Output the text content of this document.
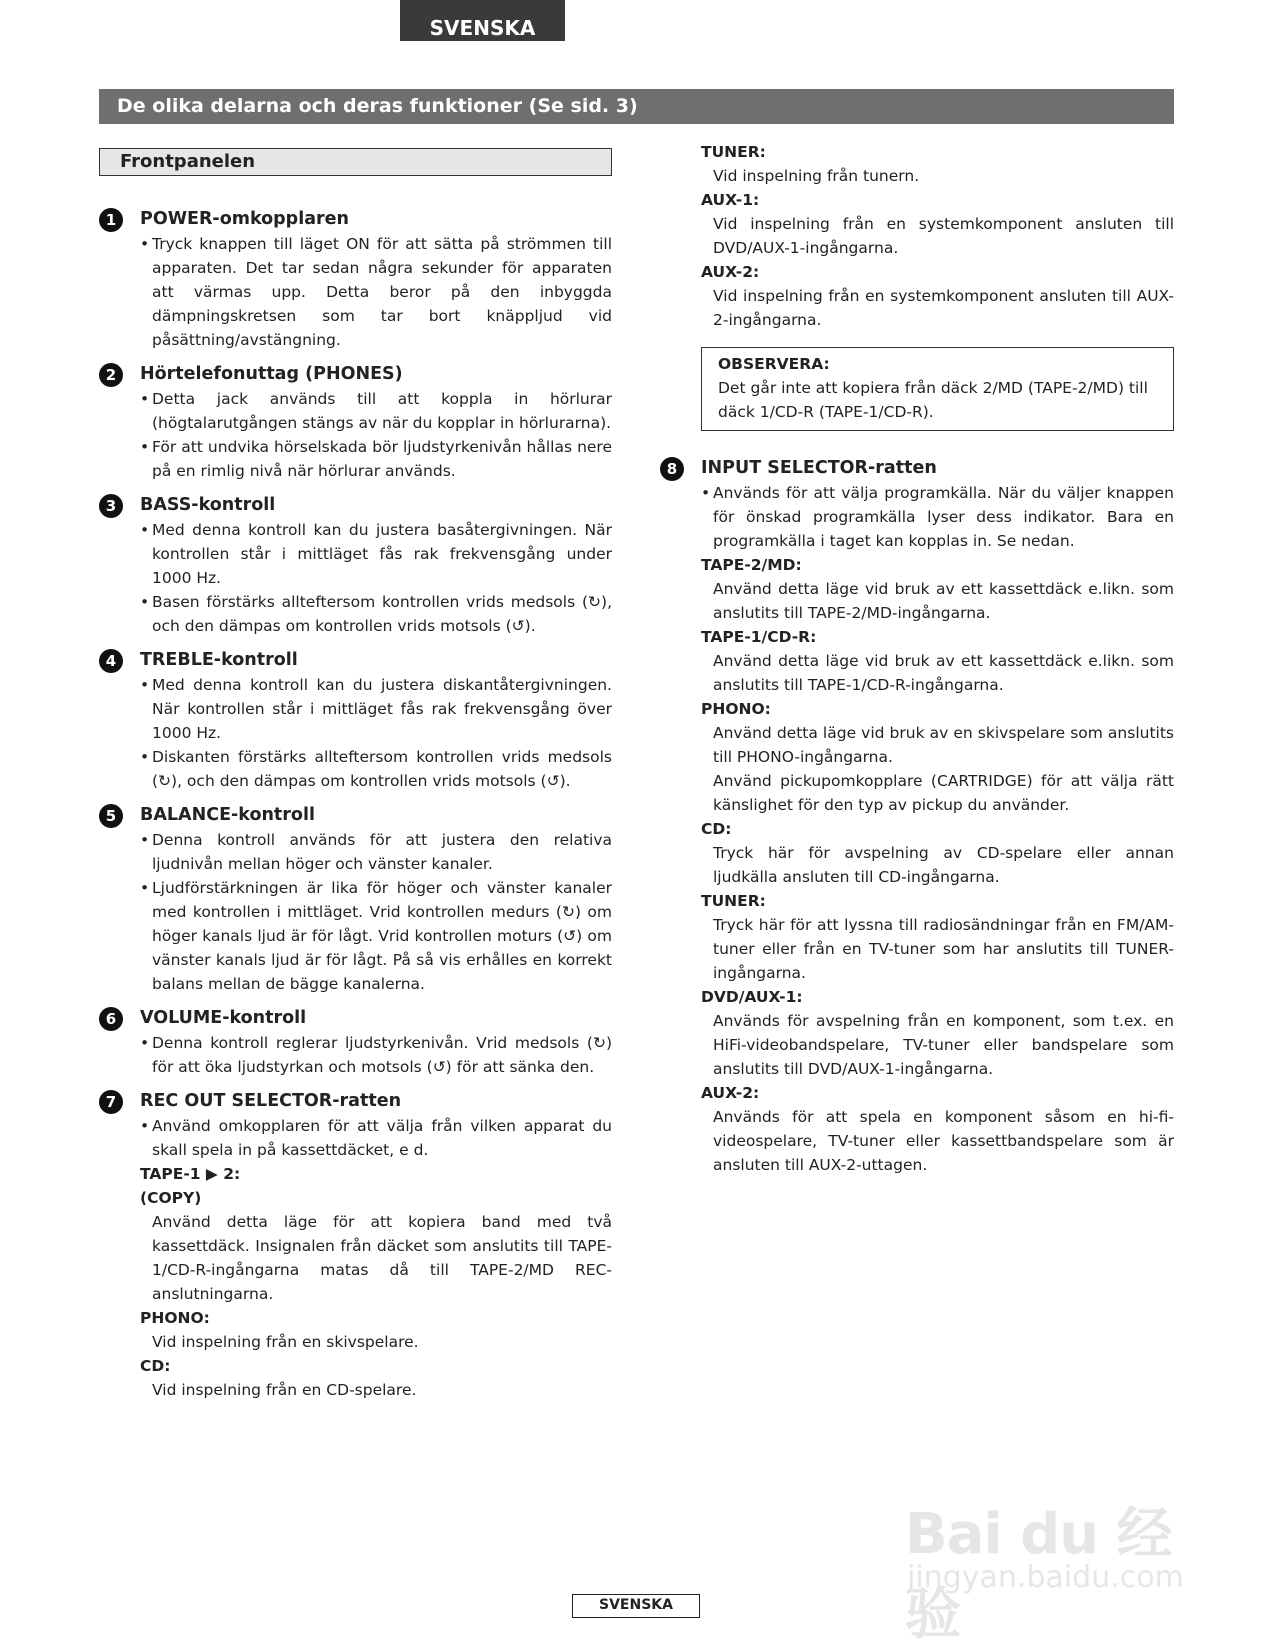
SVENSKA
De olika delarna och deras funktioner (Se sid. 3)
Frontpanelen
1	POWER-omkopplaren
• Tryck knappen till läget ON för att sätta på strömmen till apparaten. Det tar sedan några sekunder för apparaten att värmas upp. Detta beror på den inbyggda dämpningskretsen som tar bort knäppljud vid påsättning/avstängning.
2	Hörtelefonuttag (PHONES)
• Detta jack används till att koppla in hörlurar (högtalarutgången stängs av när du kopplar in hörlurarna).
• För att undvika hörselskada bör ljudstyrkenivån hållas nere på en rimlig nivå när hörlurar används.
3	BASS-kontroll
• Med denna kontroll kan du justera basåtergivningen. När kontrollen står i mittläget fås rak frekvensgång under 1000 Hz.
• Basen förstärks allteftersom kontrollen vrids medsols (↻), och den dämpas om kontrollen vrids motsols (↺).
4	TREBLE-kontroll
• Med denna kontroll kan du justera diskantåtergivningen. När kontrollen står i mittläget fås rak frekvensgång över 1000 Hz.
• Diskanten förstärks allteftersom kontrollen vrids medsols (↻), och den dämpas om kontrollen vrids motsols (↺).
5	BALANCE-kontroll
• Denna kontroll används för att justera den relativa ljudnivån mellan höger och vänster kanaler.
• Ljudförstärkningen är lika för höger och vänster kanaler med kontrollen i mittläget. Vrid kontrollen medurs (↻) om höger kanals ljud är för lågt. Vrid kontrollen moturs (↺) om vänster kanals ljud är för lågt. På så vis erhålles en korrekt balans mellan de bägge kanalerna.
6	VOLUME-kontroll
• Denna kontroll reglerar ljudstyrkenivån. Vrid medsols (↻) för att öka ljudstyrkan och motsols (↺) för att sänka den.
7	REC OUT SELECTOR-ratten
• Använd omkopplaren för att välja från vilken apparat du skall spela in på kassettdäcket, e d.
TAPE-1 ▶ 2:
(COPY)
Använd detta läge för att kopiera band med två kassettdäck. Insignalen från däcket som anslutits till TAPE-1/CD-R-ingångarna matas då till TAPE-2/MD REC-anslutningarna.
PHONO:
Vid inspelning från en skivspelare.
CD:
Vid inspelning från en CD-spelare.
TUNER:
Vid inspelning från tunern.
AUX-1:
Vid inspelning från en systemkomponent ansluten till DVD/AUX-1-ingångarna.
AUX-2:
Vid inspelning från en systemkomponent ansluten till AUX-2-ingångarna.
OBSERVERA:
Det går inte att kopiera från däck 2/MD (TAPE-2/MD) till däck 1/CD-R (TAPE-1/CD-R).
8	INPUT SELECTOR-ratten
• Används för att välja programkälla. När du väljer knappen för önskad programkälla lyser dess indikator. Bara en programkälla i taget kan kopplas in. Se nedan.
TAPE-2/MD:
Använd detta läge vid bruk av ett kassettdäck e.likn. som anslutits till TAPE-2/MD-ingångarna.
TAPE-1/CD-R:
Använd detta läge vid bruk av ett kassettdäck e.likn. som anslutits till TAPE-1/CD-R-ingångarna.
PHONO:
Använd detta läge vid bruk av en skivspelare som anslutits till PHONO-ingångarna.
Använd pickupomkopplare (CARTRIDGE) för att välja rätt känslighet för den typ av pickup du använder.
CD:
Tryck här för avspelning av CD-spelare eller annan ljudkälla ansluten till CD-ingångarna.
TUNER:
Tryck här för att lyssna till radiosändningar från en FM/AM-tuner eller från en TV-tuner som har anslutits till TUNER-ingångarna.
DVD/AUX-1:
Används för avspelning från en komponent, som t.ex. en HiFi-videobandspelare, TV-tuner eller bandspelare som anslutits till DVD/AUX-1-ingångarna.
AUX-2:
Används för att spela en komponent såsom en hi-fi-videospelare, TV-tuner eller kassettbandspelare som är ansluten till AUX-2-uttagen.
Bai du 经验
jingyan.baidu.com
SVENSKA
